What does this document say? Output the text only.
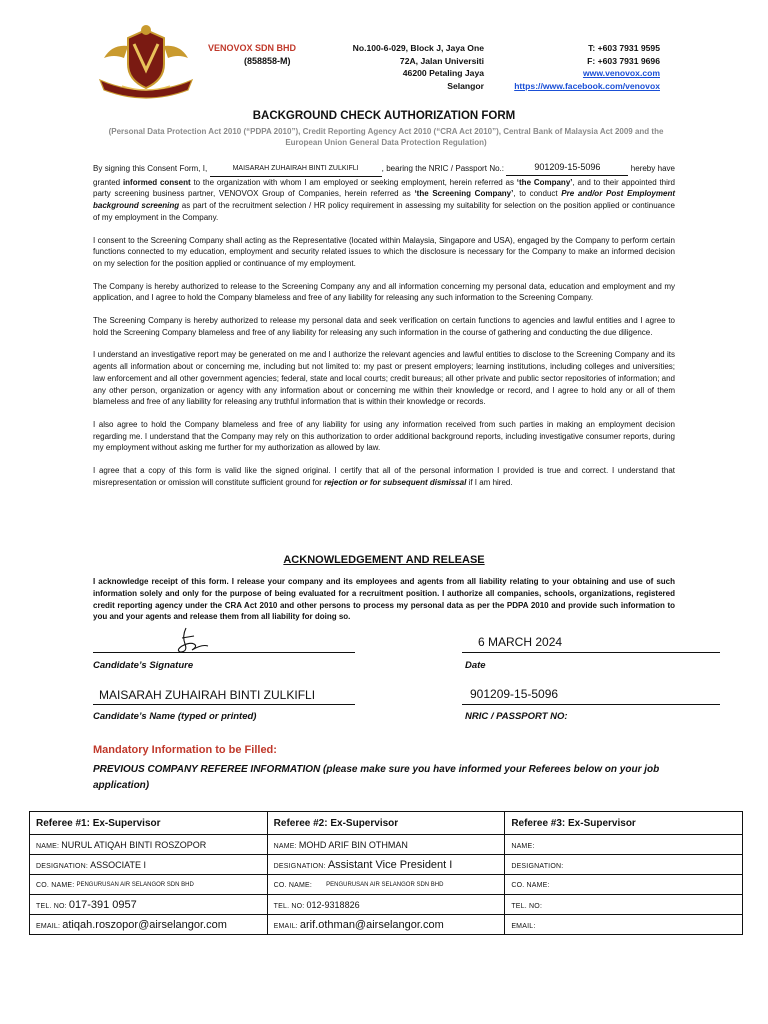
VENOVOX SDN BHD
(858858-M)
No.100-6-029, Block J, Jaya One
72A, Jalan Universiti
46200 Petaling Jaya
Selangor
T: +603 7931 9595
F: +603 7931 9696
www.venovox.com
https://www.facebook.com/venovox
BACKGROUND CHECK AUTHORIZATION FORM
(Personal Data Protection Act 2010 (“PDPA 2010”), Credit Reporting Agency Act 2010 (“CRA Act 2010”), Central Bank of Malaysia Act 2009 and the European Union General Data Protection Regulation)

By signing this Consent Form, I,	MAISARAH ZUHAIRAH BINTI ZULKIFLI	, bearing the NRIC / Passport No.:	901209-15-5096	hereby have granted informed consent to the organization with whom I am employed or seeking employment, herein referred as ‘the Company’, and to their appointed third party screening business partner, VENOVOX Group of Companies, herein referred as ‘the Screening Company’, to conduct Pre and/or Post Employment background screening as part of the recruitment selection / HR policy requirement in assessing my suitability for selection on the position applied or continuance of my employment in the Company.

I consent to the Screening Company shall acting as the Representative (located within Malaysia, Singapore and USA), engaged by the Company to perform certain functions connected to my education, employment and security related issues to which the disclosure is necessary for the Company to make an informed decision on my selection for the position applied or continuance of my employment.

The Company is hereby authorized to release to the Screening Company any and all information concerning my personal data, education and employment and my application, and I agree to hold the Company blameless and free of any liability for releasing any such information to the Screening Company.

The Screening Company is hereby authorized to release my personal data and seek verification on certain functions to agencies and lawful entities and I agree to hold the Screening Company blameless and free of any liability for releasing any such information in the course of gathering and conducting the due diligence.

I understand an investigative report may be generated on me and I authorize the relevant agencies and lawful entities to disclose to the Screening Company and its agents all information about or concerning me, including but not limited to: my past or present employers; learning institutions, including colleges and universities; law enforcement and all other government agencies; federal, state and local courts; credit bureaus; all other private and public sector repositories of information; and any other person, organization or agency with any information about or concerning me within their knowledge or record, and I agree to hold any or all of them blameless and free of any liability for releasing any truthful information that is within their knowledge or records.

I also agree to hold the Company blameless and free of any liability for using any information received from such parties in making an employment decision regarding me. I understand that the Company may rely on this authorization to order additional background reports, including investigative consumer reports, during my employment without asking me further for my authorization as allowed by law.

I agree that a copy of this form is valid like the signed original. I certify that all of the personal information I provided is true and correct. I understand that misrepresentation or omission will constitute sufficient ground for rejection or for subsequent dismissal if I am hired.

ACKNOWLEDGEMENT AND RELEASE
I acknowledge receipt of this form. I release your company and its employees and agents from all liability relating to your obtaining and use of such information solely and only for the purpose of being evaluated for a recruitment position. I authorize all companies, schools, organizations, registered credit reporting agency under the CRA Act 2010 and other persons to process my personal data as per the PDPA 2010 and provide such information to you and your agents and release them from all liability for doing so.
6 MARCH 2024
Candidate’s Signature	Date
MAISARAH ZUHAIRAH BINTI ZULKIFLI	901209-15-5096
Candidate’s Name (typed or printed)	NRIC / PASSPORT NO:
Mandatory Information to be Filled:
PREVIOUS COMPANY REFEREE INFORMATION (please make sure you have informed your Referees below on your job application)
Referee #1: Ex-Supervisor	Referee #2: Ex-Supervisor	Referee #3: Ex-Supervisor
NAME: NURUL ATIQAH BINTI ROSZOPOR	NAME: MOHD ARIF BIN OTHMAN	NAME:
DESIGNATION: ASSOCIATE I	DESIGNATION: Assistant Vice President I	DESIGNATION:
CO. NAME: PENGURUSAN AIR SELANGOR SDN BHD	CO. NAME: PENGURUSAN AIR SELANGOR SDN BHD	CO. NAME:
TEL. NO: 017-391 0957	TEL. NO: 012-9318826	TEL. NO:
EMAIL: atiqah.roszopor@airselangor.com	EMAIL: arif.othman@airselangor.com	EMAIL:
